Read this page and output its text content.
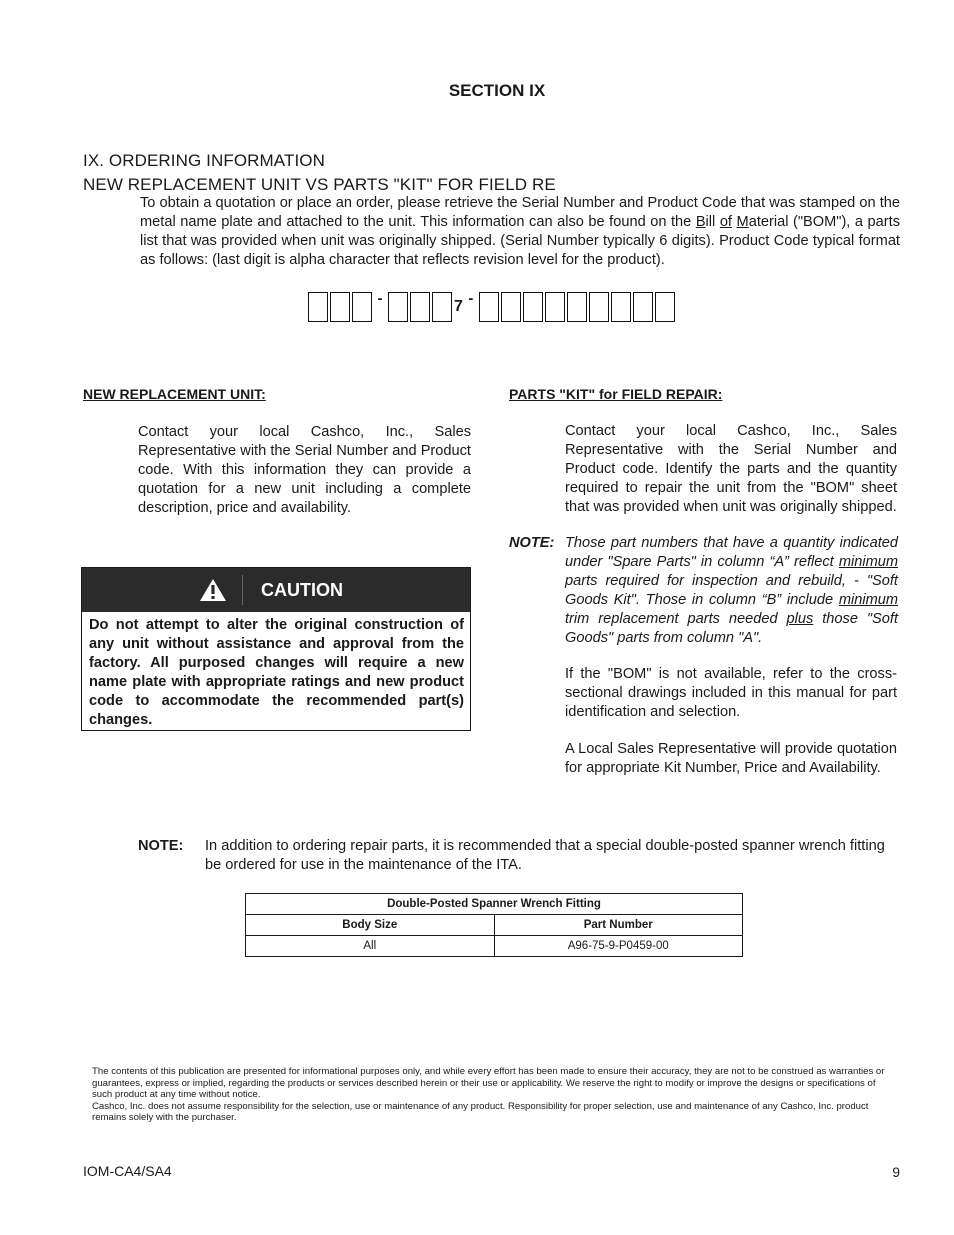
SECTION IX
IX. ORDERING INFORMATION
NEW REPLACEMENT UNIT VS PARTS "KIT" FOR FIELD RE

To obtain a quotation or place an order, please retrieve the Serial Number and Product Code that was stamped on the metal name plate and attached to the unit. This information can also be found on the Bill of Material ("BOM"), a parts list that was provided when unit was originally shipped. (Serial Number typically 6 digits). Product Code typical format as follows: (last digit is alpha character that reflects revision level for the product).

-	7 -
NEW REPLACEMENT UNIT:

Contact your local Cashco, Inc., Sales Representative with the Serial Number and Product code. With this information they can provide a quotation for a new unit including a complete description, price and availability.

CAUTION
Do not attempt to alter the original construction of any unit without assistance and approval from the factory. All purposed changes will require a new name plate with appropriate ratings and new product code to accommodate the recommended part(s) changes.
PARTS "KIT" for FIELD REPAIR:

Contact your local Cashco, Inc., Sales Representative with the Serial Number and Product code. Identify the parts and the quantity required to repair the unit from the "BOM" sheet that was provided when unit was originally shipped.

NOTE: Those part numbers that have a quantity indicated under "Spare Parts" in column “A” reflect minimum parts required for inspection and rebuild, - "Soft Goods Kit". Those in column “B” include minimum trim replacement parts needed plus those "Soft Goods" parts from column "A".

If the "BOM" is not available, refer to the cross-sectional drawings included in this manual for part identification and selection.

A Local Sales Representative will provide quotation for appropriate Kit Number, Price and Availability.

NOTE: In addition to ordering repair parts, it is recommended that a special double-posted spanner wrench fitting be ordered for use in the maintenance of the ITA.
Double-Posted Spanner Wrench Fitting	
Body Size	Part Number
All	A96-75-9-P0459-00

The contents of this publication are presented for informational purposes only, and while every effort has been made to ensure their accuracy, they are not to be construed as warranties or guarantees, express or implied, regarding the products or services described herein or their use or applicability. We reserve the right to modify or improve the designs or specifications of such product at any time without notice.

Cashco, Inc. does not assume responsibility for the selection, use or maintenance of any product. Responsibility for proper selection, use and maintenance of any Cashco, Inc. product remains solely with the purchaser.

IOM-CA4/SA4	9
